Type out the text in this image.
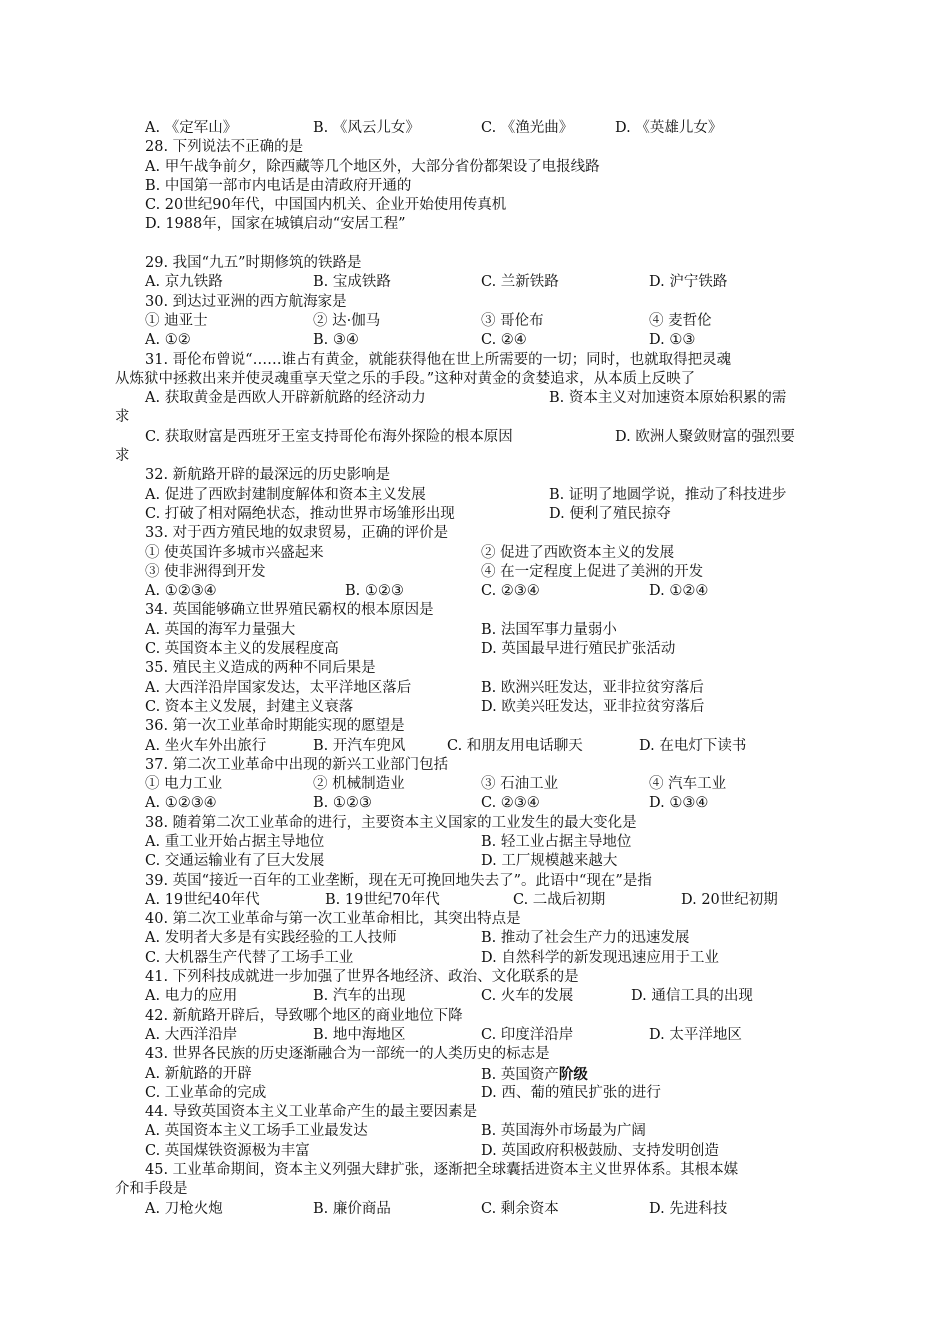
A. 《定军山》	B. 《风云儿女》	C. 《渔光曲》	D. 《英雄儿女》
28. 下列说法不正确的是
A. 甲午战争前夕，除西藏等几个地区外，大部分省份都架设了电报线路
B. 中国第一部市内电话是由清政府开通的
C. 20世纪90年代，中国国内机关、企业开始使用传真机
D. 1988年，国家在城镇启动“安居工程”
29. 我国“九五”时期修筑的铁路是
A. 京九铁路	B. 宝成铁路	C. 兰新铁路	D. 沪宁铁路
30. 到达过亚洲的西方航海家是
① 迪亚士	② 达·伽马	③ 哥伦布	④ 麦哲伦
A. ①②	B. ③④	C. ②④	D. ①③
31. 哥伦布曾说“……谁占有黄金，就能获得他在世上所需要的一切；同时，也就取得把灵魂
从炼狱中拯救出来并使灵魂重享天堂之乐的手段。”这种对黄金的贪婪追求，从本质上反映了
A. 获取黄金是西欧人开辟新航路的经济动力	B. 资本主义对加速资本原始积累的需
求
C. 获取财富是西班牙王室支持哥伦布海外探险的根本原因	D. 欧洲人聚敛财富的强烈要
求
32. 新航路开辟的最深远的历史影响是
A. 促进了西欧封建制度解体和资本主义发展	B. 证明了地圆学说，推动了科技进步
C. 打破了相对隔绝状态，推动世界市场雏形出现	D. 便利了殖民掠夺
33. 对于西方殖民地的奴隶贸易，正确的评价是
① 使英国许多城市兴盛起来	② 促进了西欧资本主义的发展
③ 使非洲得到开发	④ 在一定程度上促进了美洲的开发
A. ①②③④	B. ①②③	C. ②③④	D. ①②④
34. 英国能够确立世界殖民霸权的根本原因是
A. 英国的海军力量强大	B. 法国军事力量弱小
C. 英国资本主义的发展程度高	D. 英国最早进行殖民扩张活动
35. 殖民主义造成的两种不同后果是
A. 大西洋沿岸国家发达，太平洋地区落后	B. 欧洲兴旺发达，亚非拉贫穷落后
C. 资本主义发展，封建主义衰落	D. 欧美兴旺发达，亚非拉贫穷落后
36. 第一次工业革命时期能实现的愿望是
A. 坐火车外出旅行	B. 开汽车兜风	C. 和朋友用电话聊天	D. 在电灯下读书
37. 第二次工业革命中出现的新兴工业部门包括
① 电力工业	② 机械制造业	③ 石油工业	④ 汽车工业
A. ①②③④	B. ①②③	C. ②③④	D. ①③④
38. 随着第二次工业革命的进行，主要资本主义国家的工业发生的最大变化是
A. 重工业开始占据主导地位	B. 轻工业占据主导地位
C. 交通运输业有了巨大发展	D. 工厂规模越来越大
39. 英国“接近一百年的工业垄断，现在无可挽回地失去了”。此语中“现在”是指
A. 19世纪40年代	B. 19世纪70年代	C. 二战后初期	D. 20世纪初期
40. 第二次工业革命与第一次工业革命相比，其突出特点是
A. 发明者大多是有实践经验的工人技师	B. 推动了社会生产力的迅速发展
C. 大机器生产代替了工场手工业	D. 自然科学的新发现迅速应用于工业
41. 下列科技成就进一步加强了世界各地经济、政治、文化联系的是
A. 电力的应用	B. 汽车的出现	C. 火车的发展	D. 通信工具的出现
42. 新航路开辟后，导致哪个地区的商业地位下降
A. 大西洋沿岸	B. 地中海地区	C. 印度洋沿岸	D. 太平洋地区
43. 世界各民族的历史逐渐融合为一部统一的人类历史的标志是
A. 新航路的开辟	B. 英国资产阶级
C. 工业革命的完成	D. 西、葡的殖民扩张的进行
44. 导致英国资本主义工业革命产生的最主要因素是
A. 英国资本主义工场手工业最发达	B. 英国海外市场最为广阔
C. 英国煤铁资源极为丰富	D. 英国政府积极鼓励、支持发明创造
45. 工业革命期间，资本主义列强大肆扩张，逐渐把全球囊括进资本主义世界体系。其根本媒
介和手段是
A. 刀枪火炮	B. 廉价商品	C. 剩余资本	D. 先进科技
